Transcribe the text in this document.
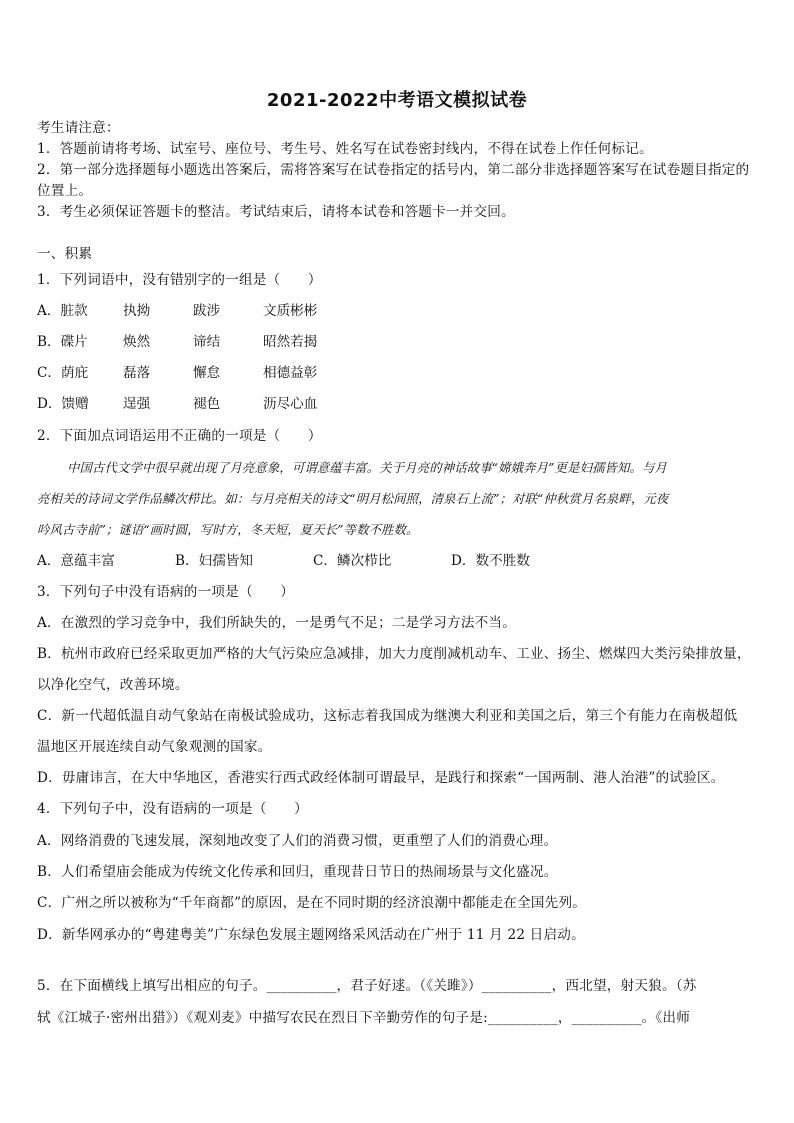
2021-2022中考语文模拟试卷
考生请注意：
1．答题前请将考场、试室号、座位号、考生号、姓名写在试卷密封线内，不得在试卷上作任何标记。
2．第一部分选择题每小题选出答案后，需将答案写在试卷指定的括号内，第二部分非选择题答案写在试卷题目指定的
位置上。
3．考生必须保证答题卡的整洁。考试结束后，请将本试卷和答题卡一并交回。
一、积累
1．下列词语中，没有错别字的一组是（　　）
A．脏款	执拗	跋涉	文质彬彬
B．碟片	焕然	谛结	昭然若揭
C．荫庇	磊落	懈怠	相德益彰
D．馈赠	逞强	褪色	沥尽心血
2．下面加点词语运用不正确的一项是（　　）
中国古代文学中很早就出现了月亮意象，可谓意蕴丰富。关于月亮的神话故事“嫦娥奔月”更是妇孺皆知。与月
亮相关的诗词文学作品鳞次栉比。如：与月亮相关的诗文“明月松间照，清泉石上流”；对联“仲秋赏月名泉畔，元夜
吟风古寺前”；谜语“画时圆，写时方，冬天短，夏天长”等数不胜数。
A．意蕴丰富	B．妇孺皆知	C．鳞次栉比	D．数不胜数
3．下列句子中没有语病的一项是（　　）
A．在激烈的学习竞争中，我们所缺失的，一是勇气不足；二是学习方法不当。
B．杭州市政府已经采取更加严格的大气污染应急减排，加大力度削减机动车、工业、扬尘、燃煤四大类污染排放量，
以净化空气，改善环境。
C．新一代超低温自动气象站在南极试验成功，这标志着我国成为继澳大利亚和美国之后，第三个有能力在南极超低
温地区开展连续自动气象观测的国家。
D．毋庸讳言，在大中华地区，香港实行西式政经体制可谓最早，是践行和探索“一国两制、港人治港”的试验区。
4．下列句子中，没有语病的一项是（　　）
A．网络消费的飞速发展，深刻地改变了人们的消费习惯，更重塑了人们的消费心理。
B．人们希望庙会能成为传统文化传承和回归，重现昔日节日的热闹场景与文化盛况。
C．广州之所以被称为“千年商都”的原因，是在不同时期的经济浪潮中都能走在全国先列。
D．新华网承办的“粤建粤美”广东绿色发展主题网络采风活动在广州于 11 月 22 日启动。
5．在下面横线上填写出相应的句子。__________，君子好逑。（《关雎》）__________，西北望，射天狼。（苏
轼《江城子·密州出猎》）《观刈麦》中描写农民在烈日下辛勤劳作的句子是:__________，__________。《出师
